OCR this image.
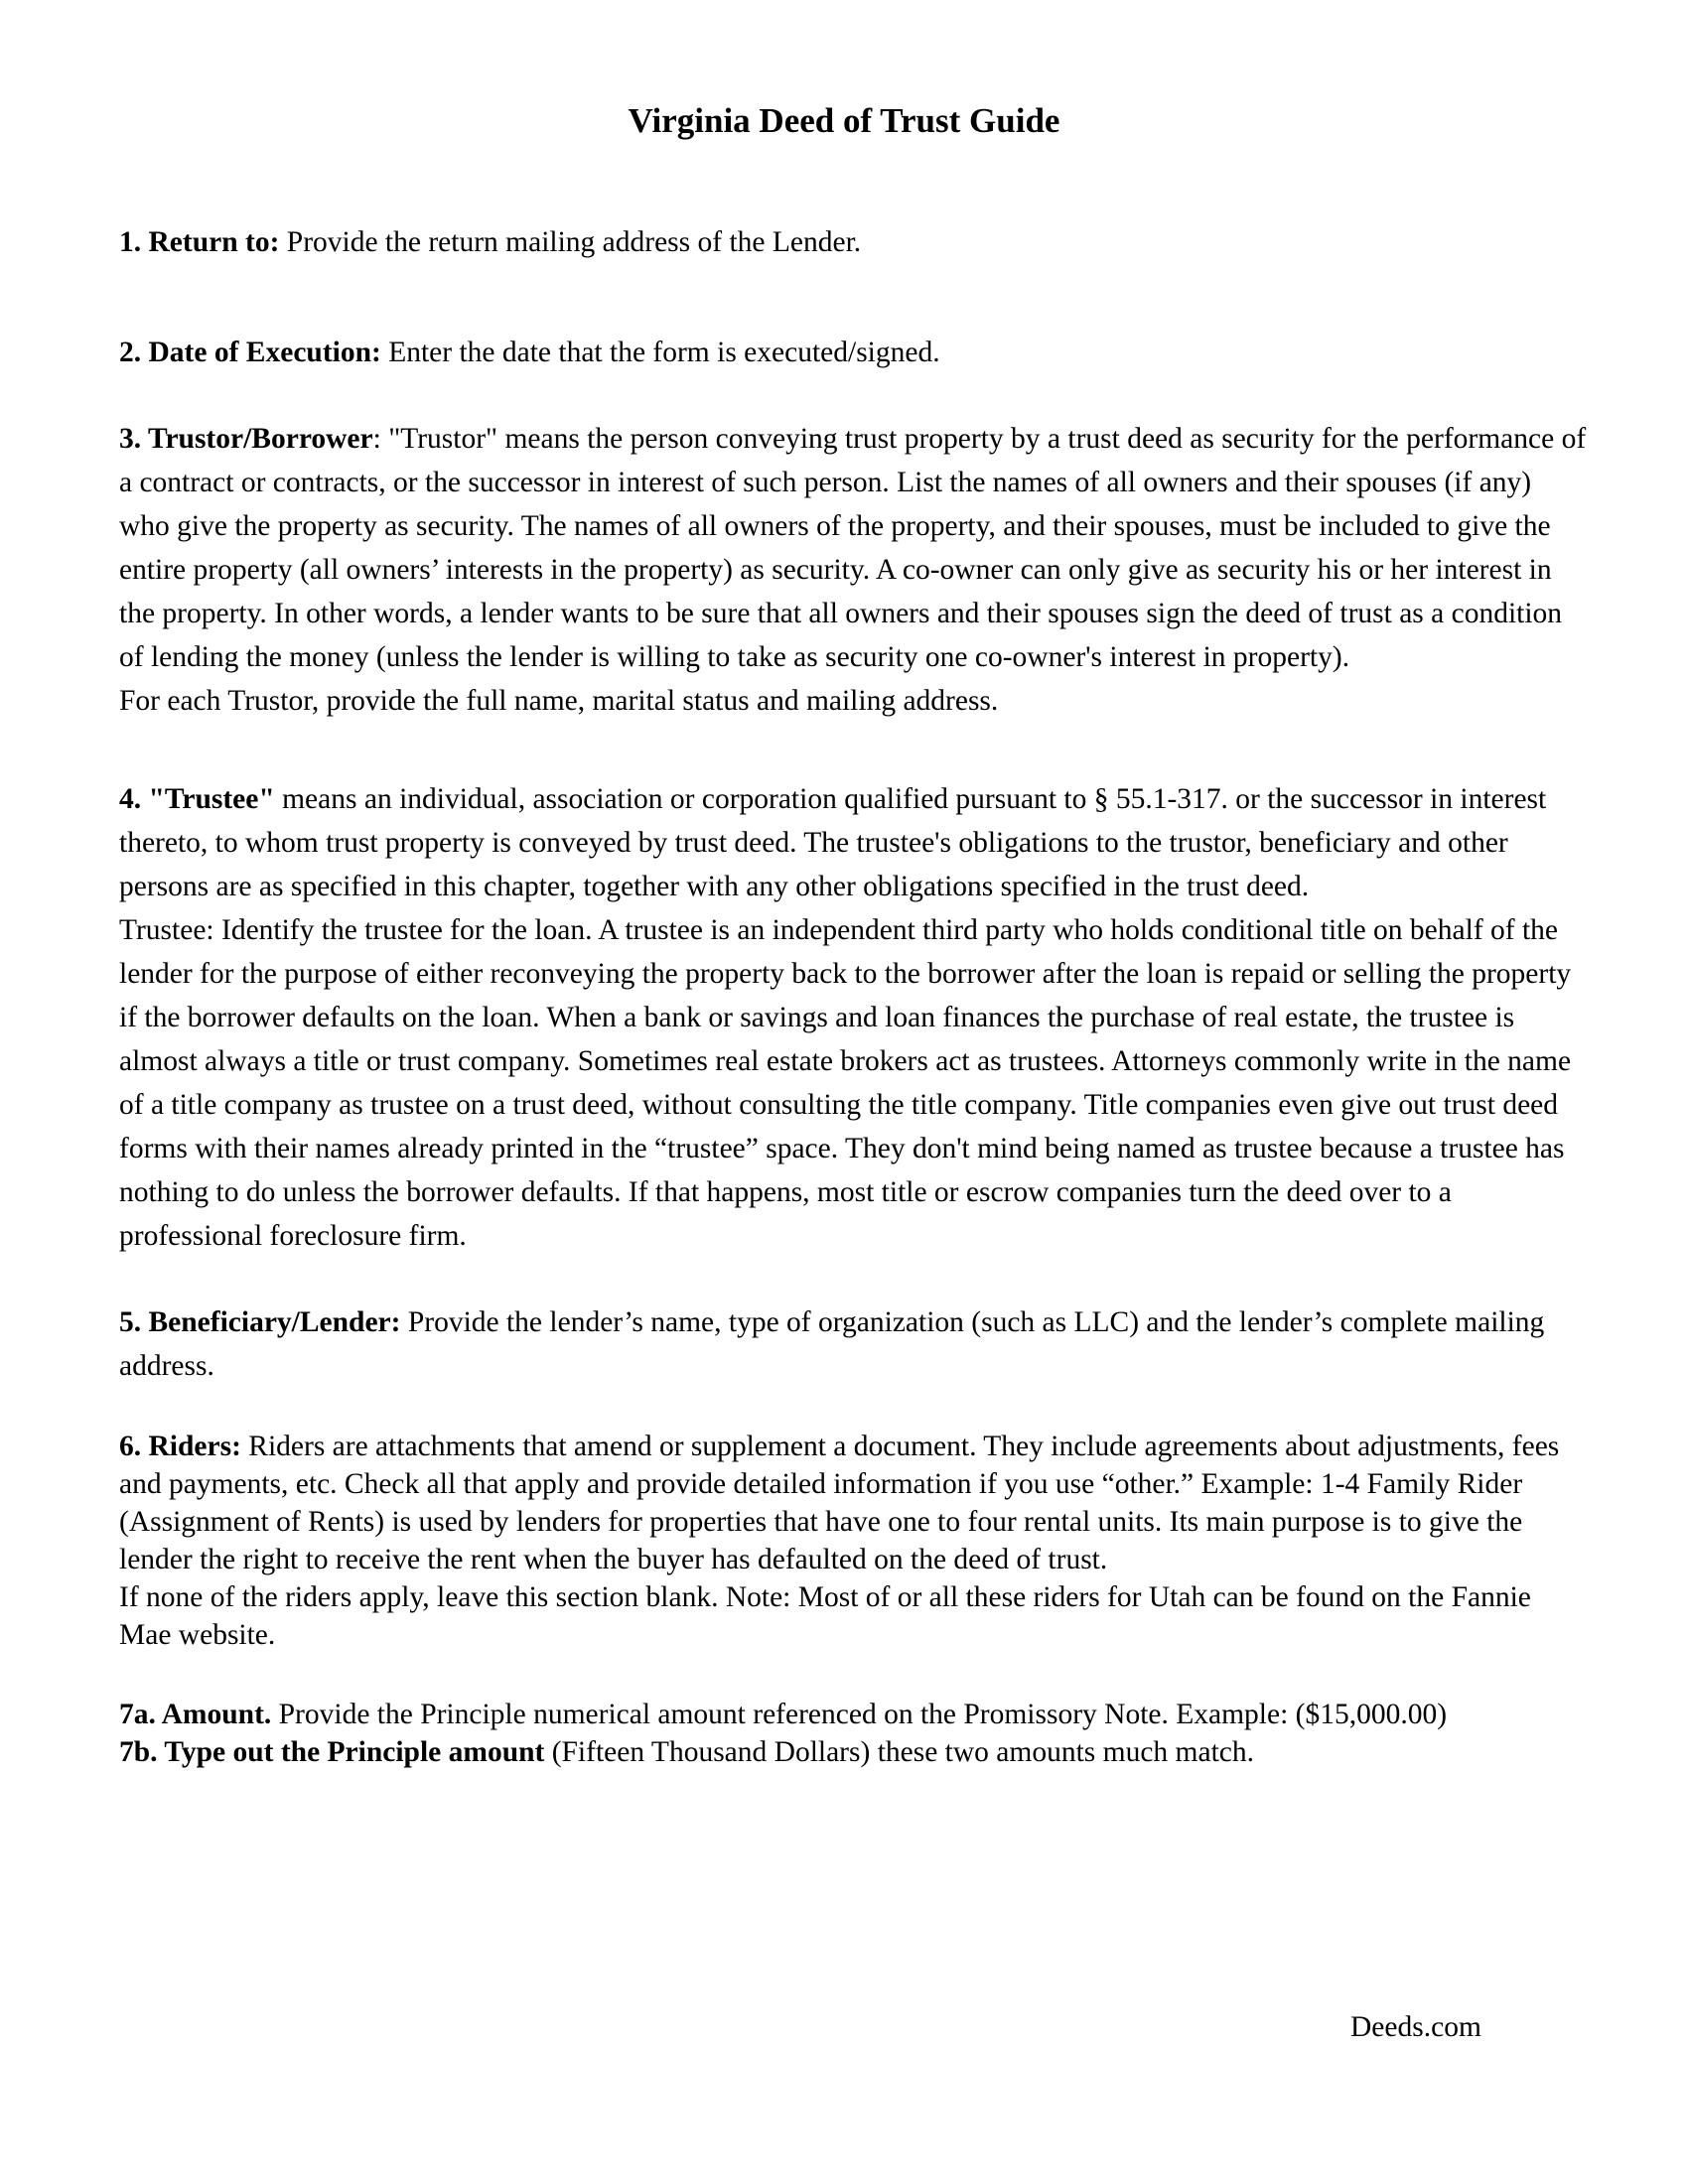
Virginia Deed of Trust Guide

1. Return to: Provide the return mailing address of the Lender.

2. Date of Execution: Enter the date that the form is executed/signed.

3. Trustor/Borrower: "Trustor" means the person conveying trust property by a trust deed as security for the performance of a contract or contracts, or the successor in interest of such person. List the names of all owners and their spouses (if any) who give the property as security. The names of all owners of the property, and their spouses, must be included to give the entire property (all owners’ interests in the property) as security. A co-owner can only give as security his or her interest in the property. In other words, a lender wants to be sure that all owners and their spouses sign the deed of trust as a condition of lending the money (unless the lender is willing to take as security one co-owner's interest in property).

For each Trustor, provide the full name, marital status and mailing address.

4. "Trustee" means an individual, association or corporation qualified pursuant to § 55.1-317. or the successor in interest thereto, to whom trust property is conveyed by trust deed. The trustee's obligations to the trustor, beneficiary and other persons are as specified in this chapter, together with any other obligations specified in the trust deed.

Trustee: Identify the trustee for the loan. A trustee is an independent third party who holds conditional title on behalf of the lender for the purpose of either reconveying the property back to the borrower after the loan is repaid or selling the property if the borrower defaults on the loan. When a bank or savings and loan finances the purchase of real estate, the trustee is almost always a title or trust company. Sometimes real estate brokers act as trustees. Attorneys commonly write in the name of a title company as trustee on a trust deed, without consulting the title company. Title companies even give out trust deed forms with their names already printed in the “trustee” space. They don't mind being named as trustee because a trustee has nothing to do unless the borrower defaults. If that happens, most title or escrow companies turn the deed over to a professional foreclosure firm.

5. Beneficiary/Lender: Provide the lender’s name, type of organization (such as LLC) and the lender’s complete mailing address.

6. Riders: Riders are attachments that amend or supplement a document. They include agreements about adjustments, fees and payments, etc. Check all that apply and provide detailed information if you use “other.” Example: 1-4 Family Rider (Assignment of Rents) is used by lenders for properties that have one to four rental units. Its main purpose is to give the lender the right to receive the rent when the buyer has defaulted on the deed of trust.

If none of the riders apply, leave this section blank. Note: Most of or all these riders for Utah can be found on the Fannie Mae website.

7a. Amount. Provide the Principle numerical amount referenced on the Promissory Note. Example: ($15,000.00)

7b. Type out the Principle amount (Fifteen Thousand Dollars) these two amounts much match.

Deeds.com
